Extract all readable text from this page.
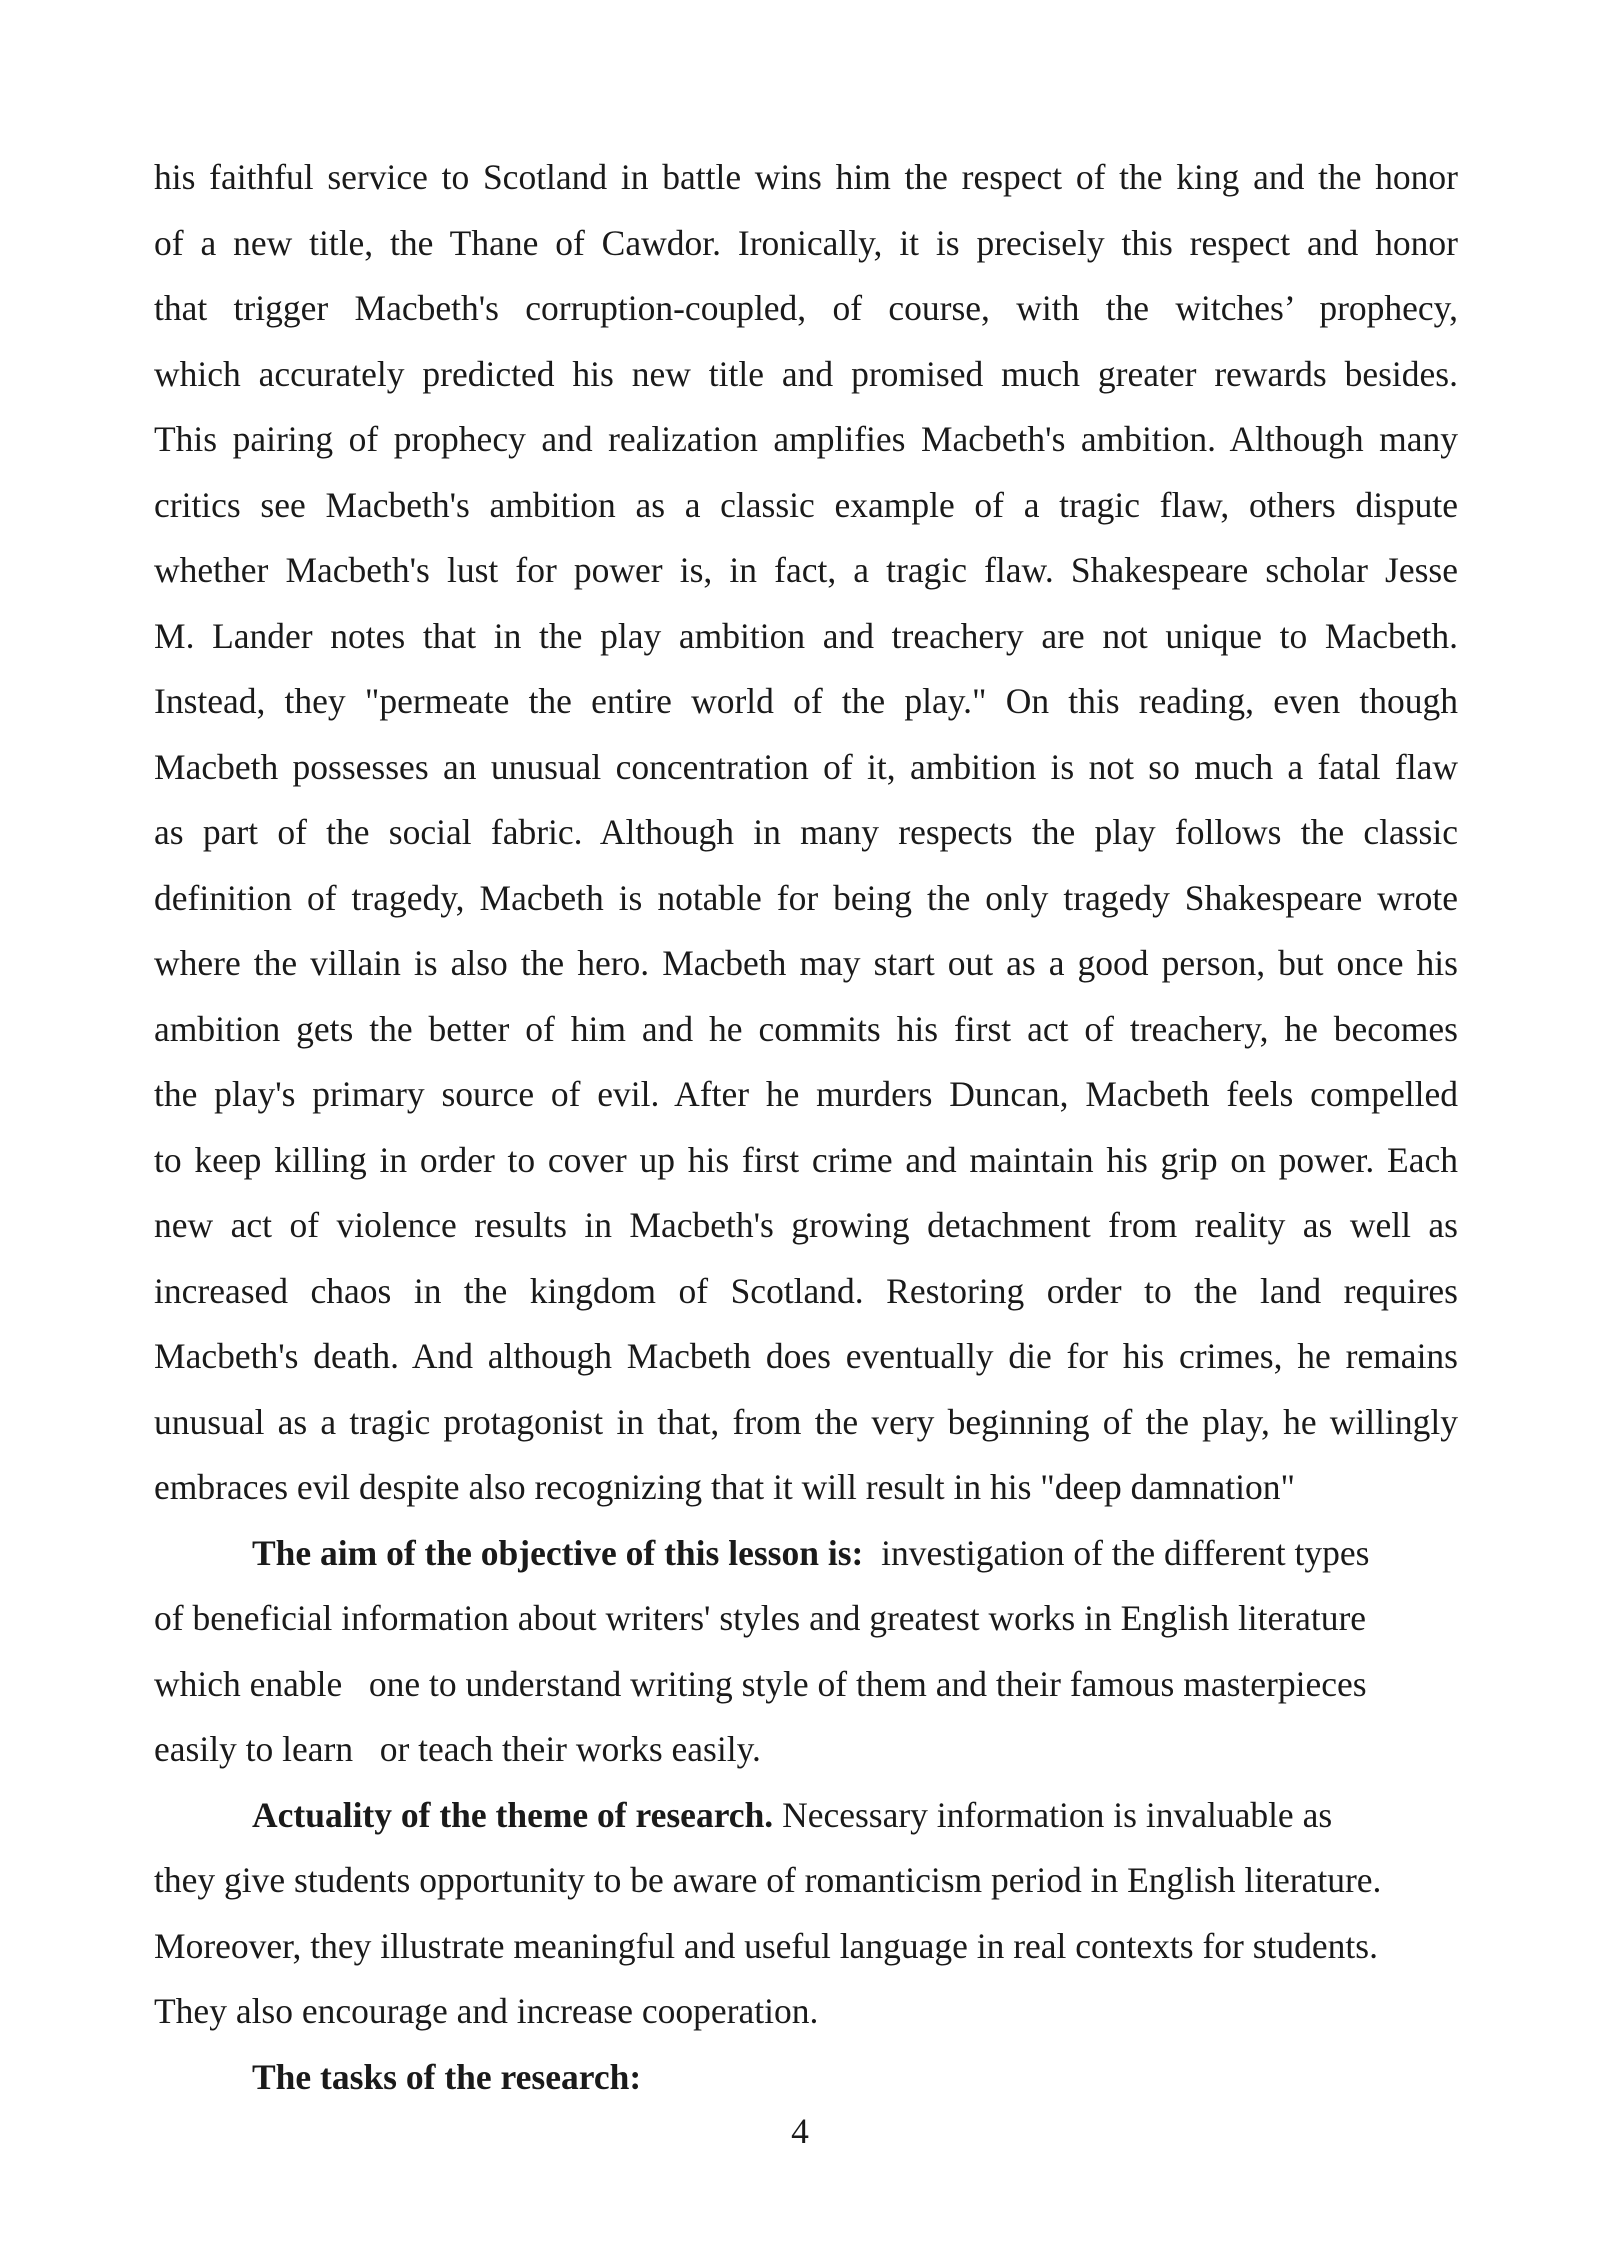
his faithful service to Scotland in battle wins him the respect of the king and the honor
of a new title, the Thane of Cawdor. Ironically, it is precisely this respect and honor
that trigger Macbeth's corruption-coupled, of course, with the witches’ prophecy,
which accurately predicted his new title and promised much greater rewards besides.
This pairing of prophecy and realization amplifies Macbeth's ambition. Although many
critics see Macbeth's ambition as a classic example of a tragic flaw, others dispute
whether Macbeth's lust for power is, in fact, a tragic flaw. Shakespeare scholar Jesse
M. Lander notes that in the play ambition and treachery are not unique to Macbeth.
Instead, they "permeate the entire world of the play." On this reading, even though
Macbeth possesses an unusual concentration of it, ambition is not so much a fatal flaw
as part of the social fabric. Although in many respects the play follows the classic
definition of tragedy, Macbeth is notable for being the only tragedy Shakespeare wrote
where the villain is also the hero. Macbeth may start out as a good person, but once his
ambition gets the better of him and he commits his first act of treachery, he becomes
the play's primary source of evil. After he murders Duncan, Macbeth feels compelled
to keep killing in order to cover up his first crime and maintain his grip on power. Each
new act of violence results in Macbeth's growing detachment from reality as well as
increased chaos in the kingdom of Scotland. Restoring order to the land requires
Macbeth's death. And although Macbeth does eventually die for his crimes, he remains
unusual as a tragic protagonist in that, from the very beginning of the play, he willingly
embraces evil despite also recognizing that it will result in his "deep damnation"
The aim of the objective of this lesson is:  investigation of the different types
of beneficial information about writers' styles and greatest works in English literature
which enable   one to understand writing style of them and their famous masterpieces
easily to learn   or teach their works easily.
Actuality of the theme of research. Necessary information is invaluable as
they give students opportunity to be aware of romanticism period in English literature.
Moreover, they illustrate meaningful and useful language in real contexts for students.
They also encourage and increase cooperation.
The tasks of the research:
4
